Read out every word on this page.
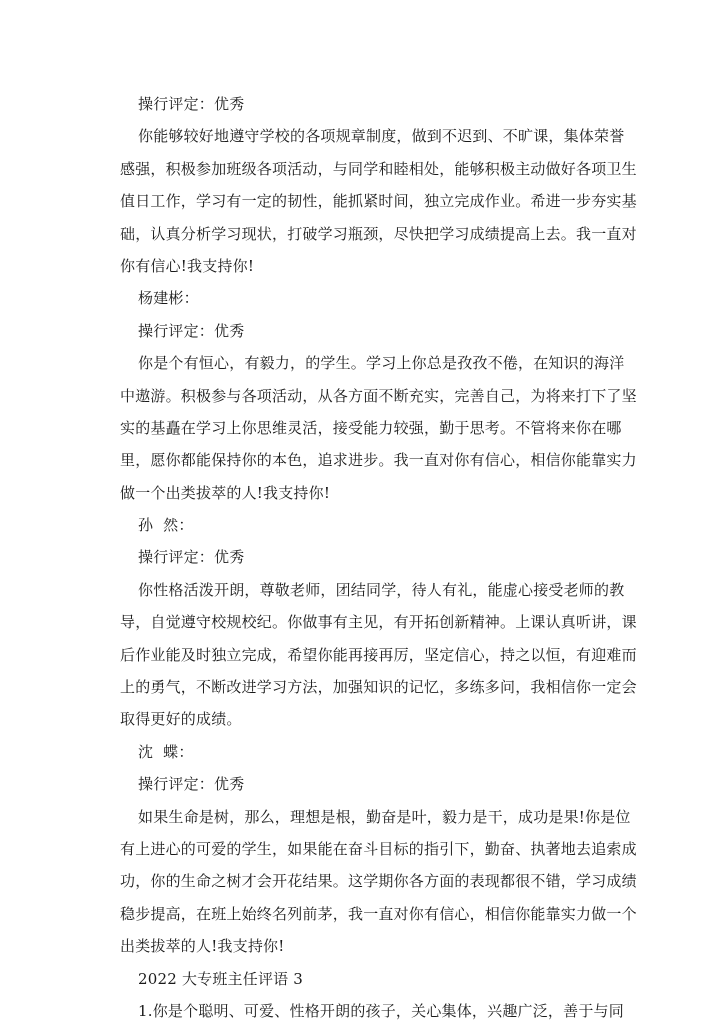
操行评定：优秀
你能够较好地遵守学校的各项规章制度，做到不迟到、不旷课，集体荣誉
感强，积极参加班级各项活动，与同学和睦相处，能够积极主动做好各项卫生
值日工作，学习有一定的韧性，能抓紧时间，独立完成作业。希进一步夯实基
础，认真分析学习现状，打破学习瓶颈，尽快把学习成绩提高上去。我一直对
你有信心!我支持你!
杨建彬：
操行评定：优秀
你是个有恒心，有毅力，的学生。学习上你总是孜孜不倦，在知识的海洋
中遨游。积极参与各项活动，从各方面不断充实，完善自己，为将来打下了坚
实的基矗在学习上你思维灵活，接受能力较强，勤于思考。不管将来你在哪
里，愿你都能保持你的本色，追求进步。我一直对你有信心，相信你能靠实力
做一个出类拔萃的人!我支持你!
孙  然：
操行评定：优秀
你性格活泼开朗，尊敬老师，团结同学，待人有礼，能虚心接受老师的教
导，自觉遵守校规校纪。你做事有主见，有开拓创新精神。上课认真听讲，课
后作业能及时独立完成，希望你能再接再厉，坚定信心，持之以恒，有迎难而
上的勇气，不断改进学习方法，加强知识的记忆，多练多问，我相信你一定会
取得更好的成绩。
沈  蝶：
操行评定：优秀
如果生命是树，那么，理想是根，勤奋是叶，毅力是干，成功是果!你是位
有上进心的可爱的学生，如果能在奋斗目标的指引下，勤奋、执著地去追索成
功，你的生命之树才会开花结果。这学期你各方面的表现都很不错，学习成绩
稳步提高，在班上始终名列前茅，我一直对你有信心，相信你能靠实力做一个
出类拔萃的人!我支持你!
2022 大专班主任评语 3
1.你是个聪明、可爱、性格开朗的孩子，关心集体，兴趣广泛，善于与同
